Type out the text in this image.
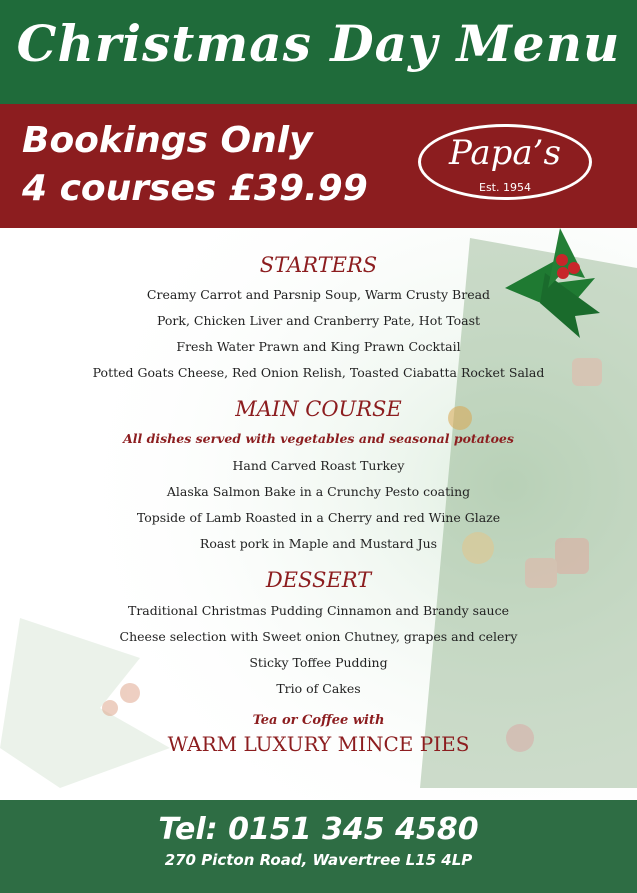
Christmas Day Menu
Bookings Only
4 courses £39.99
Papa’s
Est. 1954
STARTERS
Creamy Carrot and Parsnip Soup, Warm Crusty Bread
Pork, Chicken Liver and Cranberry Pate, Hot Toast
Fresh Water Prawn and King Prawn Cocktail
Potted Goats Cheese, Red Onion Relish, Toasted Ciabatta Rocket Salad
MAIN COURSE
All dishes served with vegetables and seasonal potatoes
Hand Carved Roast Turkey
Alaska Salmon Bake in a Crunchy Pesto coating
Topside of Lamb Roasted in a Cherry and red Wine Glaze
Roast pork in Maple and Mustard Jus
DESSERT
Traditional Christmas Pudding Cinnamon and Brandy sauce
Cheese selection with Sweet onion Chutney, grapes and celery
Sticky Toffee Pudding
Trio of Cakes
Tea or Coffee with
WARM LUXURY MINCE PIES
Tel: 0151 345 4580
270 Picton Road, Wavertree L15 4LP
